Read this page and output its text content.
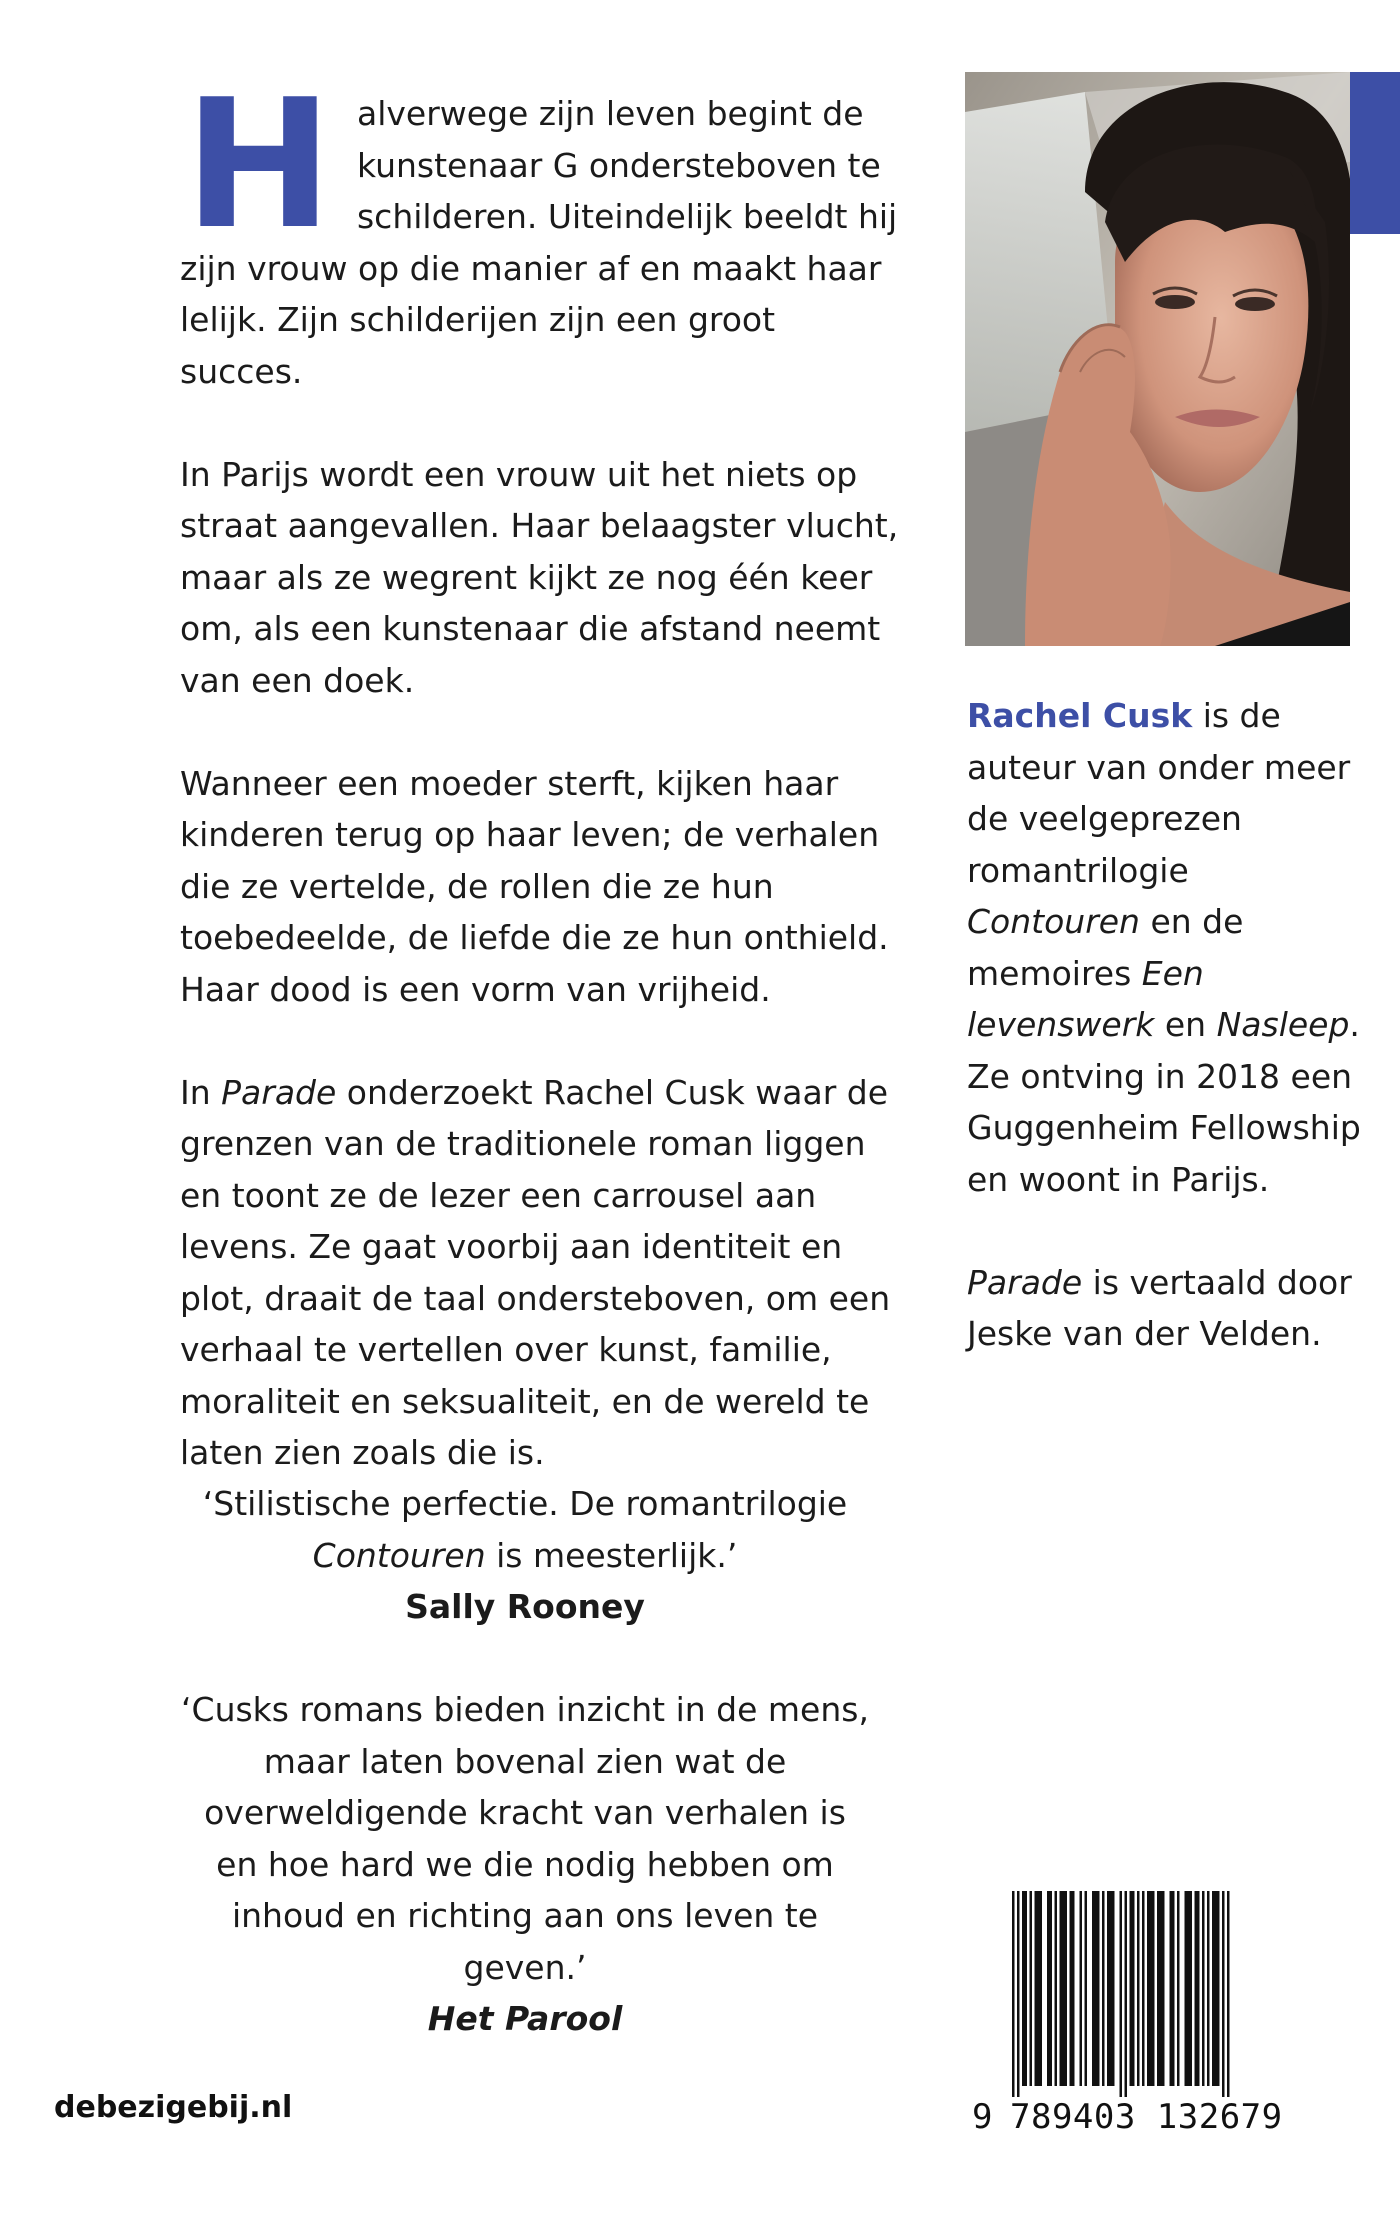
Halverwege zijn leven begint de kunstenaar G ondersteboven te schilderen. Uiteindelijk beeldt hij zijn vrouw op die manier af en maakt haar lelijk. Zijn schilderijen zijn een groot succes.

In Parijs wordt een vrouw uit het niets op straat aangevallen. Haar belaagster vlucht, maar als ze wegrent kijkt ze nog één keer om, als een kunstenaar die afstand neemt van een doek.

Wanneer een moeder sterft, kijken haar kinderen terug op haar leven; de verhalen die ze vertelde, de rollen die ze hun toebedeelde, de liefde die ze hun onthield. Haar dood is een vorm van vrijheid.

In Parade onderzoekt Rachel Cusk waar de grenzen van de traditionele roman liggen en toont ze de lezer een carrousel aan levens. Ze gaat voorbij aan identiteit en plot, draait de taal ondersteboven, om een verhaal te vertellen over kunst, familie, moraliteit en seksualiteit, en de wereld te laten zien zoals die is.

Rachel Cusk is de auteur van onder meer de veelgeprezen romantrilogie Contouren en de memoires Een levenswerk en Nasleep. Ze ontving in 2018 een Guggenheim Fellowship en woont in Parijs.

Parade is vertaald door Jeske van der Velden.

‘Stilistische perfectie. De romantrilogie Contouren is meesterlijk.’
Sally Rooney
‘Cusks romans bieden inzicht in de mens, maar laten bovenal zien wat de overweldigende kracht van verhalen is en hoe hard we die nodig hebben om inhoud en richting aan ons leven te geven.’
Het Parool
debezigebij.nl	9 789403 132679
